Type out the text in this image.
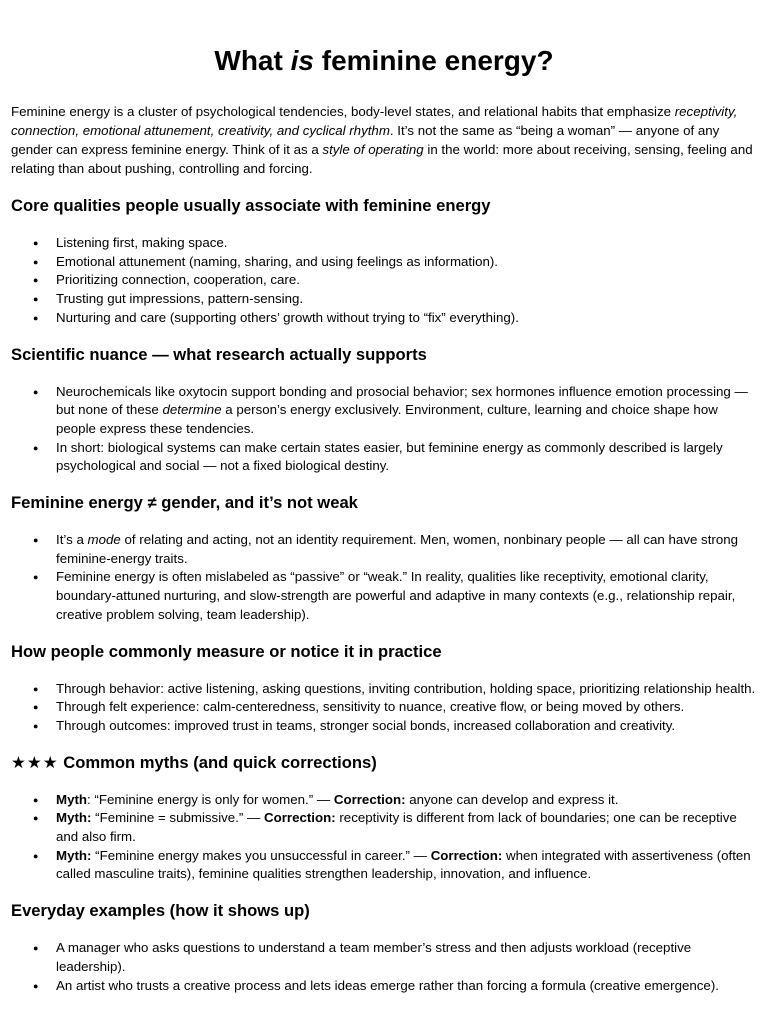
What is feminine energy?

Feminine energy is a cluster of psychological tendencies, body-level states, and relational habits that emphasize receptivity, connection, emotional attunement, creativity, and cyclical rhythm. It’s not the same as “being a woman” — anyone of any gender can express feminine energy. Think of it as a style of operating in the world: more about receiving, sensing, feeling and relating than about pushing, controlling and forcing.

Core qualities people usually associate with feminine energy
● Listening first, making space.
● Emotional attunement (naming, sharing, and using feelings as information).
● Prioritizing connection, cooperation, care.
● Trusting gut impressions, pattern-sensing.
● Nurturing and care (supporting others’ growth without trying to “fix” everything).
Scientific nuance — what research actually supports
● Neurochemicals like oxytocin support bonding and prosocial behavior; sex hormones influence emotion processing — but none of these determine a person’s energy exclusively. Environment, culture, learning and choice shape how people express these tendencies.
● In short: biological systems can make certain states easier, but feminine energy as commonly described is largely psychological and social — not a fixed biological destiny.
Feminine energy ≠ gender, and it’s not weak
● It’s a mode of relating and acting, not an identity requirement. Men, women, nonbinary people — all can have strong feminine-energy traits.
● Feminine energy is often mislabeled as “passive” or “weak.” In reality, qualities like receptivity, emotional clarity, boundary-attuned nurturing, and slow-strength are powerful and adaptive in many contexts (e.g., relationship repair, creative problem solving, team leadership).
How people commonly measure or notice it in practice
● Through behavior: active listening, asking questions, inviting contribution, holding space, prioritizing relationship health.
● Through felt experience: calm-centeredness, sensitivity to nuance, creative flow, or being moved by others.
● Through outcomes: improved trust in teams, stronger social bonds, increased collaboration and creativity.
★★★ Common myths (and quick corrections)
● Myth: “Feminine energy is only for women.” — Correction: anyone can develop and express it.
● Myth: “Feminine = submissive.” — Correction: receptivity is different from lack of boundaries; one can be receptive and also firm.
● Myth: “Feminine energy makes you unsuccessful in career.” — Correction: when integrated with assertiveness (often called masculine traits), feminine qualities strengthen leadership, innovation, and influence.
Everyday examples (how it shows up)
● A manager who asks questions to understand a team member’s stress and then adjusts workload (receptive leadership).
● An artist who trusts a creative process and lets ideas emerge rather than forcing a formula (creative emergence).
